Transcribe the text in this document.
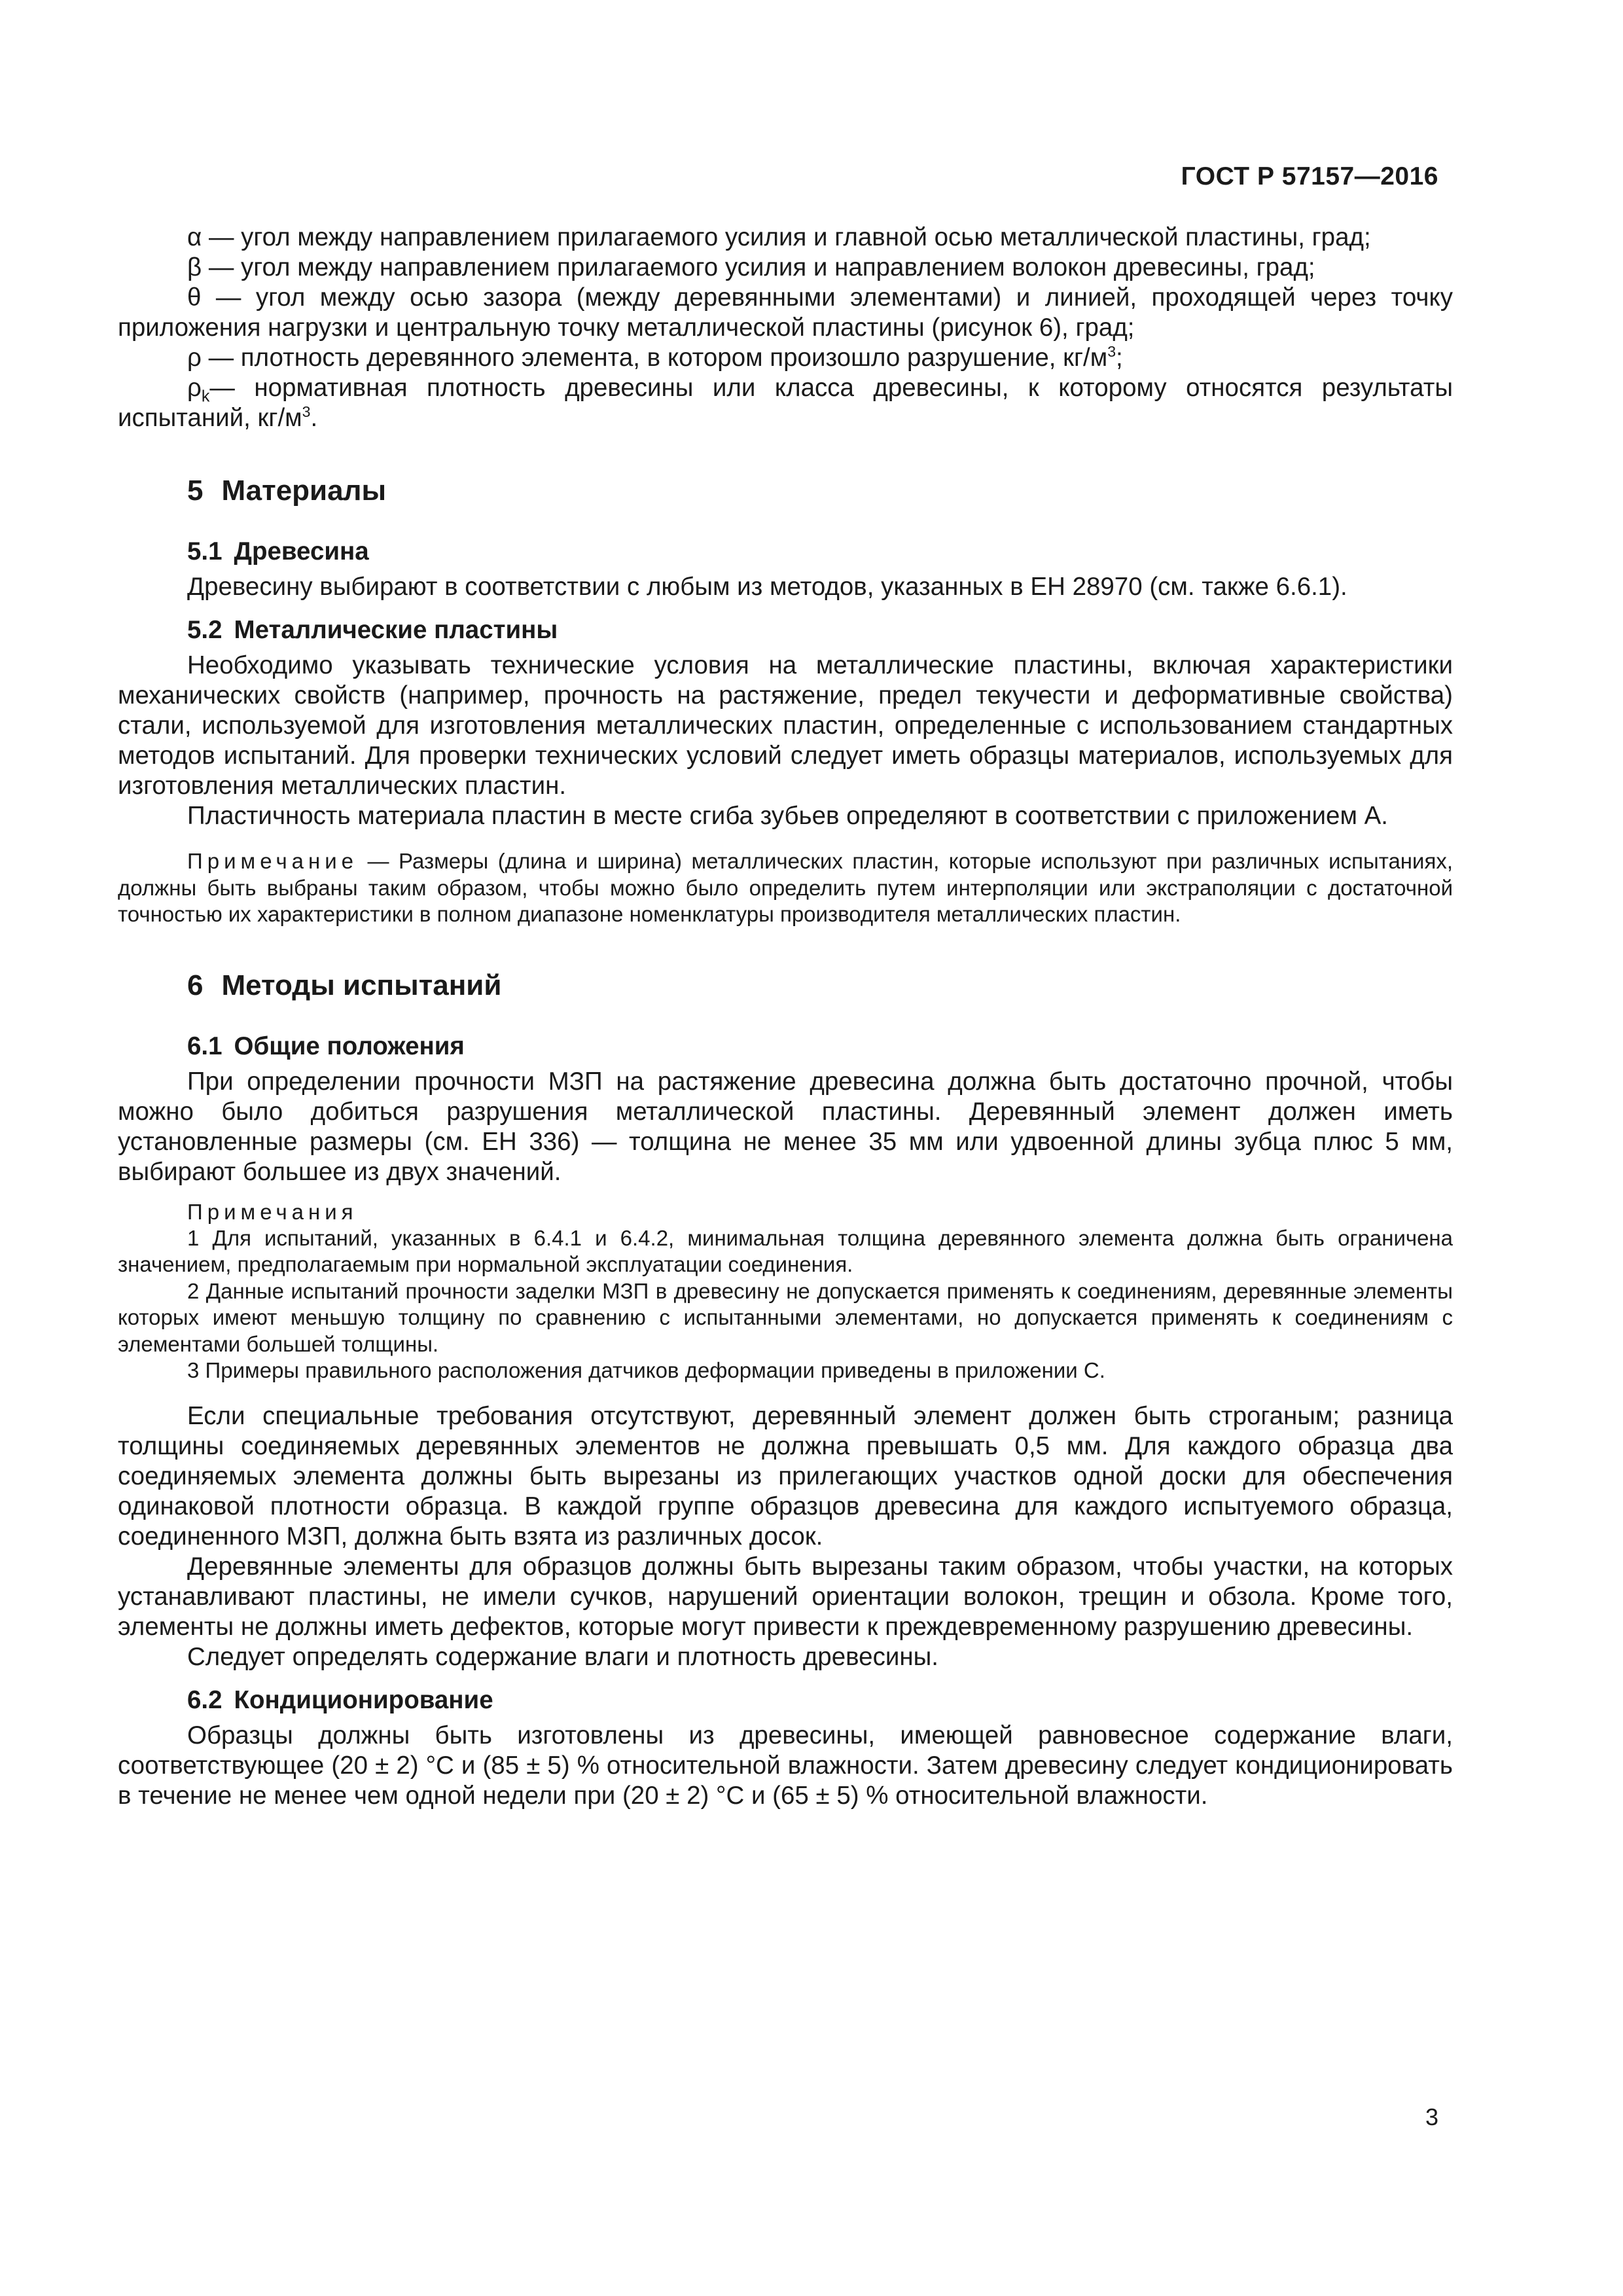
ГОСТ Р 57157—2016

α — угол между направлением прилагаемого усилия и главной осью металлической пластины, град;

β — угол между направлением прилагаемого усилия и направлением волокон древесины, град;

θ — угол между осью зазора (между деревянными элементами) и линией, проходящей через точку приложения нагрузки и центральную точку металлической пластины (рисунок 6), град;

ρ — плотность деревянного элемента, в котором произошло разрушение, $кг/м^3$;

$\rho_k—$ нормативная плотность древесины или класса древесины, к которому относятся результаты испытаний, $кг/м^3$.

5 Материалы
5.1 Древесина

Древесину выбирают в соответствии с любым из методов, указанных в ЕН 28970 (см. также 6.6.1).

5.2 Металлические пластины

Необходимо указывать технические условия на металлические пластины, включая характеристики механических свойств (например, прочность на растяжение, предел текучести и деформативные свойства) стали, используемой для изготовления металлических пластин, определенные с использованием стандартных методов испытаний. Для проверки технических условий следует иметь образцы материалов, используемых для изготовления металлических пластин.

Пластичность материала пластин в месте сгиба зубьев определяют в соответствии с приложением А.

Примечание — Размеры (длина и ширина) металлических пластин, которые используют при различных испытаниях, должны быть выбраны таким образом, чтобы можно было определить путем интерполяции или экстраполяции с достаточной точностью их характеристики в полном диапазоне номенклатуры производителя металлических пластин.
6 Методы испытаний
6.1 Общие положения

При определении прочности МЗП на растяжение древесина должна быть достаточно прочной, чтобы можно было добиться разрушения металлической пластины. Деревянный элемент должен иметь установленные размеры (см. ЕН 336) — толщина не менее 35 мм или удвоенной длины зубца плюс 5 мм, выбирают большее из двух значений.

Примечания
1 Для испытаний, указанных в 6.4.1 и 6.4.2, минимальная толщина деревянного элемента должна быть ограничена значением, предполагаемым при нормальной эксплуатации соединения.
2 Данные испытаний прочности заделки МЗП в древесину не допускается применять к соединениям, деревянные элементы которых имеют меньшую толщину по сравнению с испытанными элементами, но допускается применять к соединениям с элементами большей толщины.
3 Примеры правильного расположения датчиков деформации приведены в приложении С.

Если специальные требования отсутствуют, деревянный элемент должен быть строганым; разница толщины соединяемых деревянных элементов не должна превышать 0,5 мм. Для каждого образца два соединяемых элемента должны быть вырезаны из прилегающих участков одной доски для обеспечения одинаковой плотности образца. В каждой группе образцов древесина для каждого испытуемого образца, соединенного МЗП, должна быть взята из различных досок.

Деревянные элементы для образцов должны быть вырезаны таким образом, чтобы участки, на которых устанавливают пластины, не имели сучков, нарушений ориентации волокон, трещин и обзола. Кроме того, элементы не должны иметь дефектов, которые могут привести к преждевременному разрушению древесины.

Следует определять содержание влаги и плотность древесины.

6.2 Кондиционирование

Образцы должны быть изготовлены из древесины, имеющей равновесное содержание влаги, соответствующее (20 ± 2) °С и (85 ± 5) % относительной влажности. Затем древесину следует кондиционировать в течение не менее чем одной недели при (20 ± 2) °С и (65 ± 5) % относительной влажности.

3
